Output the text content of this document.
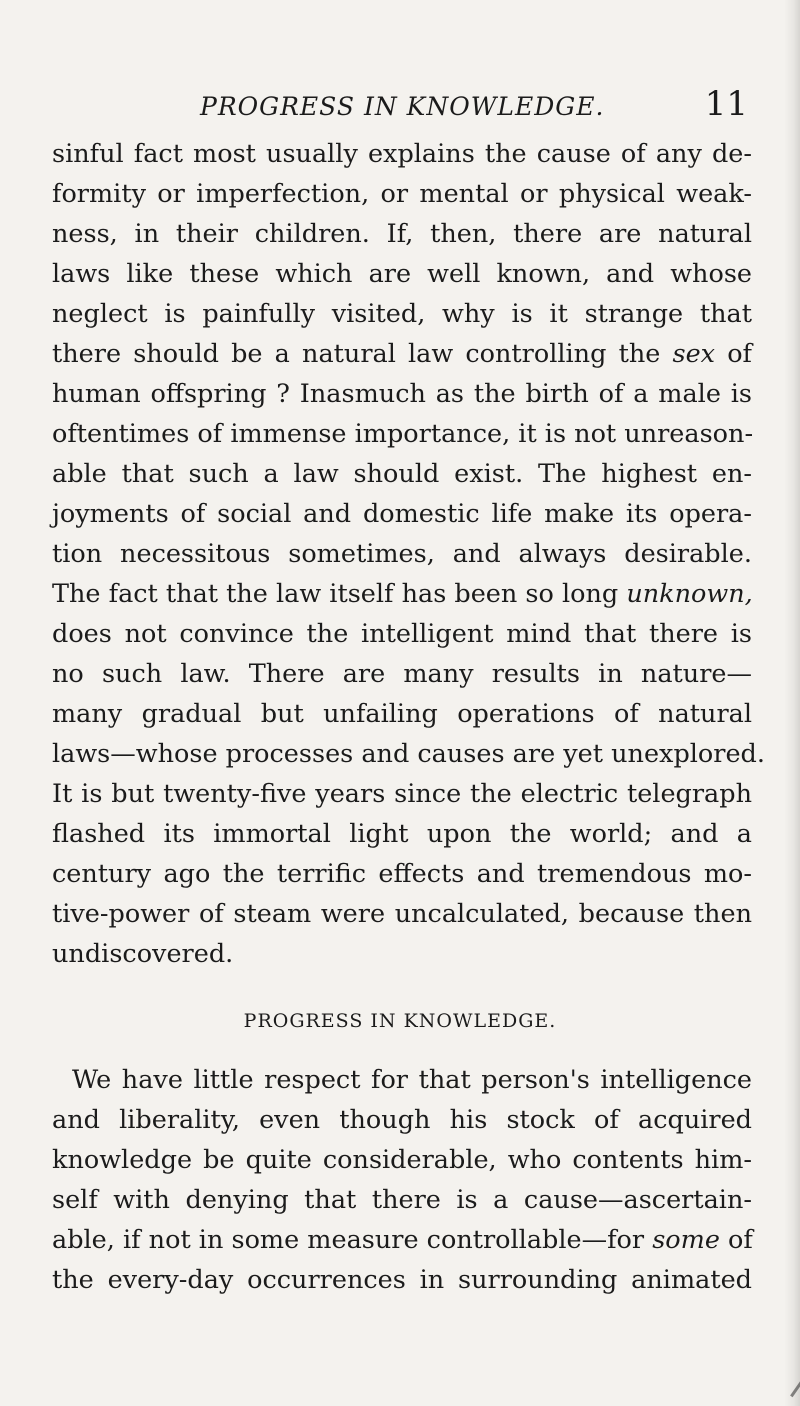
PROGRESS IN KNOWLEDGE.	11
sinful fact most usually explains the cause of any de-
formity or imperfection, or mental or physical weak-
ness, in their children. If, then, there are natural
laws like these which are well known, and whose
neglect is painfully visited, why is it strange that
there should be a natural law controlling the sex of
human offspring ? Inasmuch as the birth of a male is
oftentimes of immense importance, it is not unreason-
able that such a law should exist. The highest en-
joyments of social and domestic life make its opera-
tion necessitous sometimes, and always desirable.
The fact that the law itself has been so long unknown,
does not convince the intelligent mind that there is
no such law. There are many results in nature—
many gradual but unfailing operations of natural
laws—whose processes and causes are yet unexplored.
It is but twenty-five years since the electric telegraph
flashed its immortal light upon the world; and a
century ago the terrific effects and tremendous mo-
tive-power of steam were uncalculated, because then
undiscovered.
PROGRESS IN KNOWLEDGE.
We have little respect for that person's intelligence
and liberality, even though his stock of acquired
knowledge be quite considerable, who contents him-
self with denying that there is a cause—ascertain-
able, if not in some measure controllable—for some of
the every-day occurrences in surrounding animated
